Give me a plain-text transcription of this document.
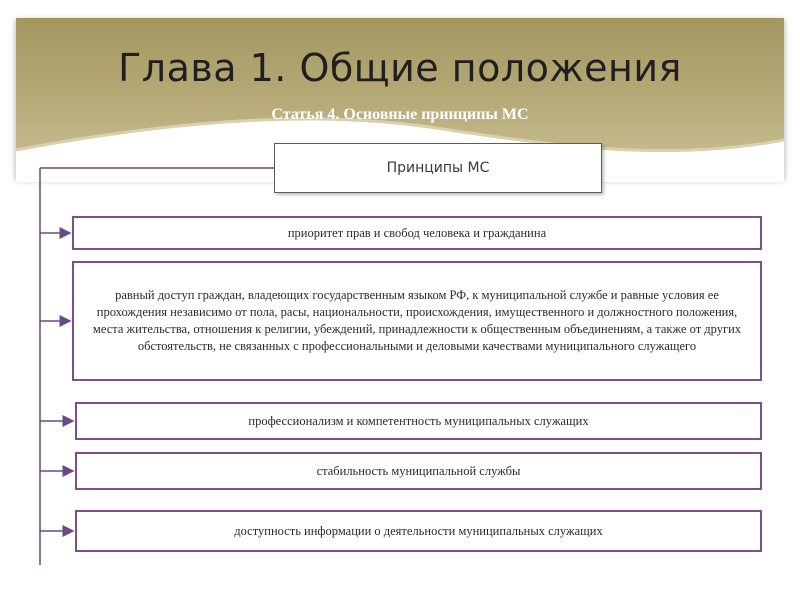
Глава 1. Общие положения
Статья 4. Основные принципы МС
Принципы МС
приоритет прав и свобод человека и гражданина
равный доступ граждан, владеющих государственным языком РФ, к муниципальной службе и равные условия ее прохождения независимо от пола, расы, национальности, происхождения, имущественного и должностного положения, места жительства, отношения к религии, убеждений, принадлежности к общественным объединениям, а также от других обстоятельств, не связанных с профессиональными и деловыми качествами муниципального служащего
профессионализм и компетентность муниципальных служащих
стабильность муниципальной службы
доступность информации о деятельности муниципальных служащих
